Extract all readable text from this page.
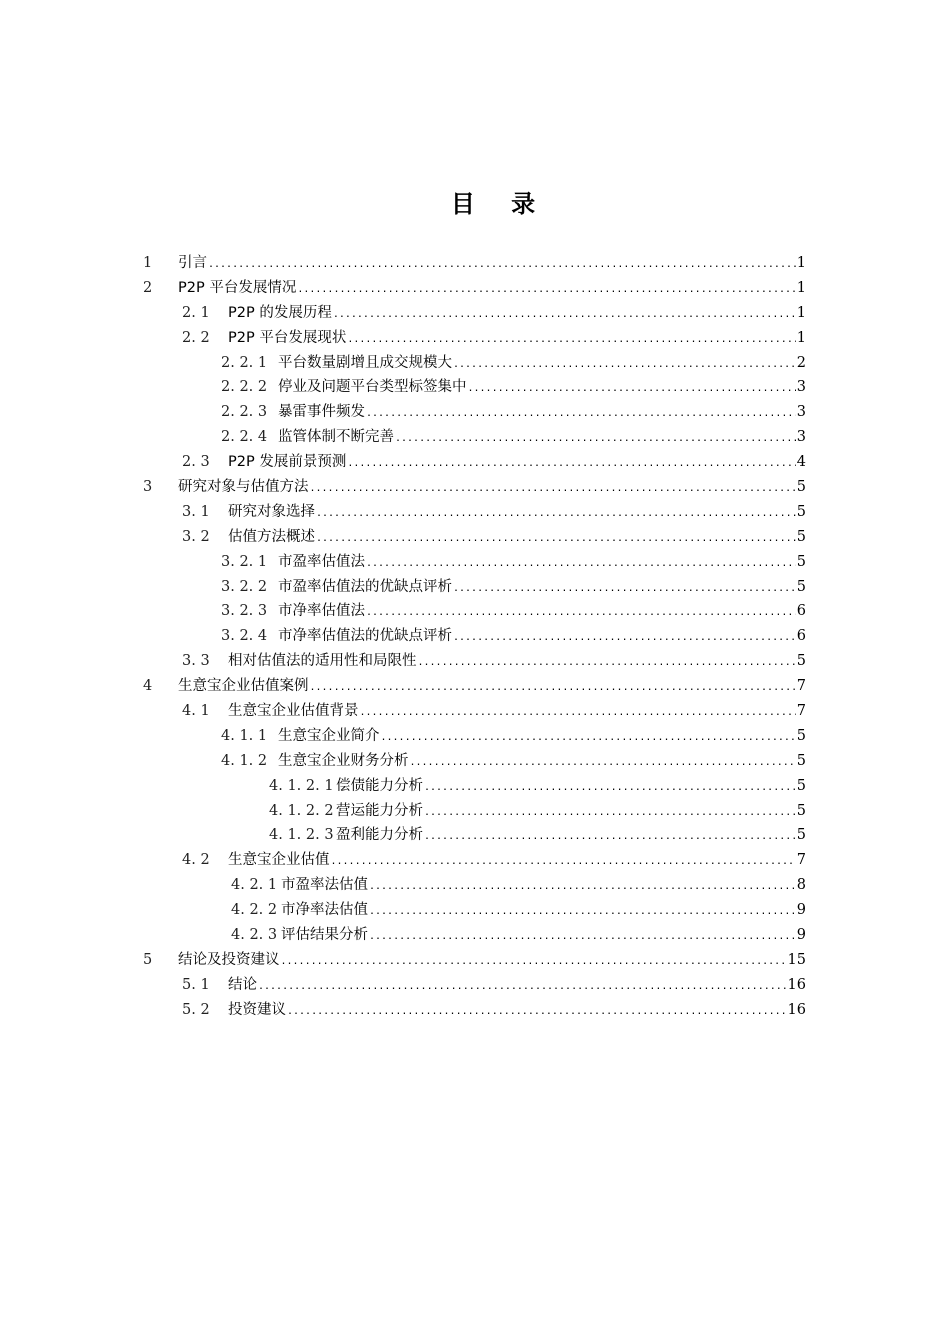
目 录
1 引言 .....	1
2 P2P 平台发展情况 .....	1
2. 1 P2P 的发展历程 .....	1
2. 2 P2P 平台发展现状 .....	1
2. 2. 1 平台数量剧增且成交规模大 .....	2
2. 2. 2 停业及问题平台类型标签集中 .....	3
2. 2. 3 暴雷事件频发 .....	3
2. 2. 4 监管体制不断完善 .....	3
2. 3 P2P 发展前景预测 .....	4
3 研究对象与估值方法 .....	5
3. 1 研究对象选择 .....	5
3. 2 估值方法概述 .....	5
3. 2. 1 市盈率估值法 .....	5
3. 2. 2 市盈率估值法的优缺点评析 .....	5
3. 2. 3 市净率估值法 .....	6
3. 2. 4 市净率估值法的优缺点评析 .....	6
3. 3 相对估值法的适用性和局限性 .....	5
4 生意宝企业估值案例 .....	7
4. 1 生意宝企业估值背景 .....	7
4. 1. 1 生意宝企业简介 .....	5
4. 1. 2 生意宝企业财务分析 .....	5
4. 1. 2. 1 偿债能力分析 .....	5
4. 1. 2. 2 营运能力分析 .....	5
4. 1. 2. 3 盈利能力分析 .....	5
4. 2 生意宝企业估值 .....	7
4. 2. 1 市盈率法估值 .....	8
4. 2. 2 市净率法估值 .....	9
4. 2. 3 评估结果分析 .....	9
5 结论及投资建议 .....	15
5. 1 结论 .....	16
5. 2 投资建议 .....	16
